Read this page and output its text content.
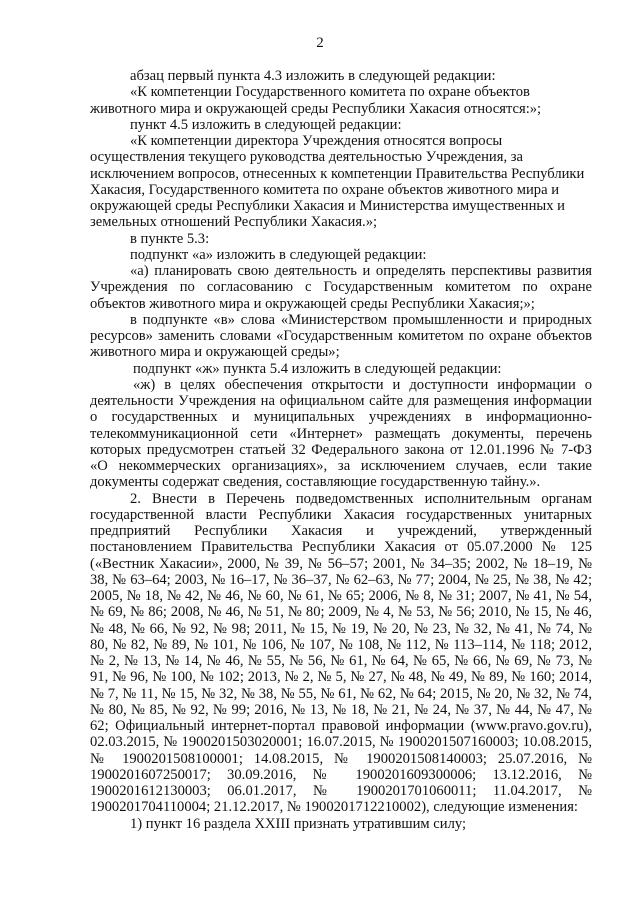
2

абзац первый пункта 4.3 изложить в следующей редакции:

«К компетенции Государственного комитета по охране объектов животного мира и окружающей среды Республики Хакасия относятся:»;

пункт 4.5 изложить в следующей редакции:

«К компетенции директора Учреждения относятся вопросы осуществления текущего руководства деятельностью Учреждения, за исключением вопросов, отнесенных к компетенции Правительства Республики Хакасия, Государственного комитета по охране объектов животного мира и окружающей среды Республики Хакасия и Министерства имущественных и земельных отношений Республики Хакасия.»;

в пункте 5.3:

подпункт «а» изложить в следующей редакции:

«а) планировать свою деятельность и определять перспективы развития Учреждения по согласованию с Государственным комитетом по охране объектов животного мира и окружающей среды Республики Хакасия;»;

в подпункте «в» слова «Министерством промышленности и природных ресурсов» заменить словами «Государственным комитетом по охране объектов животного мира и окружающей среды»;

подпункт «ж» пункта 5.4 изложить в следующей редакции:

«ж) в целях обеспечения открытости и доступности информации о деятельности Учреждения на официальном сайте для размещения информации о государственных и муниципальных учреждениях в информационно-телекоммуникационной сети «Интернет» размещать документы, перечень которых предусмотрен статьей 32 Федерального закона от 12.01.1996 № 7-ФЗ «О некоммерческих организациях», за исключением случаев, если такие документы содержат сведения, составляющие государственную тайну.».

2. Внести в Перечень подведомственных исполнительным органам государственной власти Республики Хакасия государственных унитарных предприятий Республики Хакасия и учреждений, утвержденный постановлением Правительства Республики Хакасия от 05.07.2000 № 125 («Вестник Хакасии», 2000, № 39, № 56–57; 2001, № 34–35; 2002, № 18–19, № 38, № 63–64; 2003, № 16–17, № 36–37, № 62–63, № 77; 2004, № 25, № 38, № 42; 2005, № 18, № 42, № 46, № 60, № 61, № 65; 2006, № 8, № 31; 2007, № 41, № 54, № 69, № 86; 2008, № 46, № 51, № 80; 2009, № 4, № 53, № 56; 2010, № 15, № 46, № 48, № 66, № 92, № 98; 2011, № 15, № 19, № 20, № 23, № 32, № 41, № 74, № 80, № 82, № 89, № 101, № 106, № 107, № 108, № 112, № 113–114, № 118; 2012, № 2, № 13, № 14, № 46, № 55, № 56, № 61, № 64, № 65, № 66, № 69, № 73, № 91, № 96, № 100, № 102; 2013, № 2, № 5, № 27, № 48, № 49, № 89, № 160; 2014, № 7, № 11, № 15, № 32, № 38, № 55, № 61, № 62, № 64; 2015, № 20, № 32, № 74, № 80, № 85, № 92, № 99; 2016, № 13, № 18, № 21, № 24, № 37, № 44, № 47, № 62; Официальный интернет-портал правовой информации (www.pravo.gov.ru), 02.03.2015, № 1900201503020001; 16.07.2015, № 1900201507160003; 10.08.2015, № 1900201508100001; 14.08.2015, № 1900201508140003; 25.07.2016, № 1900201607250017; 30.09.2016, № 1900201609300006; 13.12.2016, № 1900201612130003; 06.01.2017, № 1900201701060011; 11.04.2017, № 1900201704110004; 21.12.2017, № 1900201712210002), следующие изменения:

1) пункт 16 раздела XXIII признать утратившим силу;
